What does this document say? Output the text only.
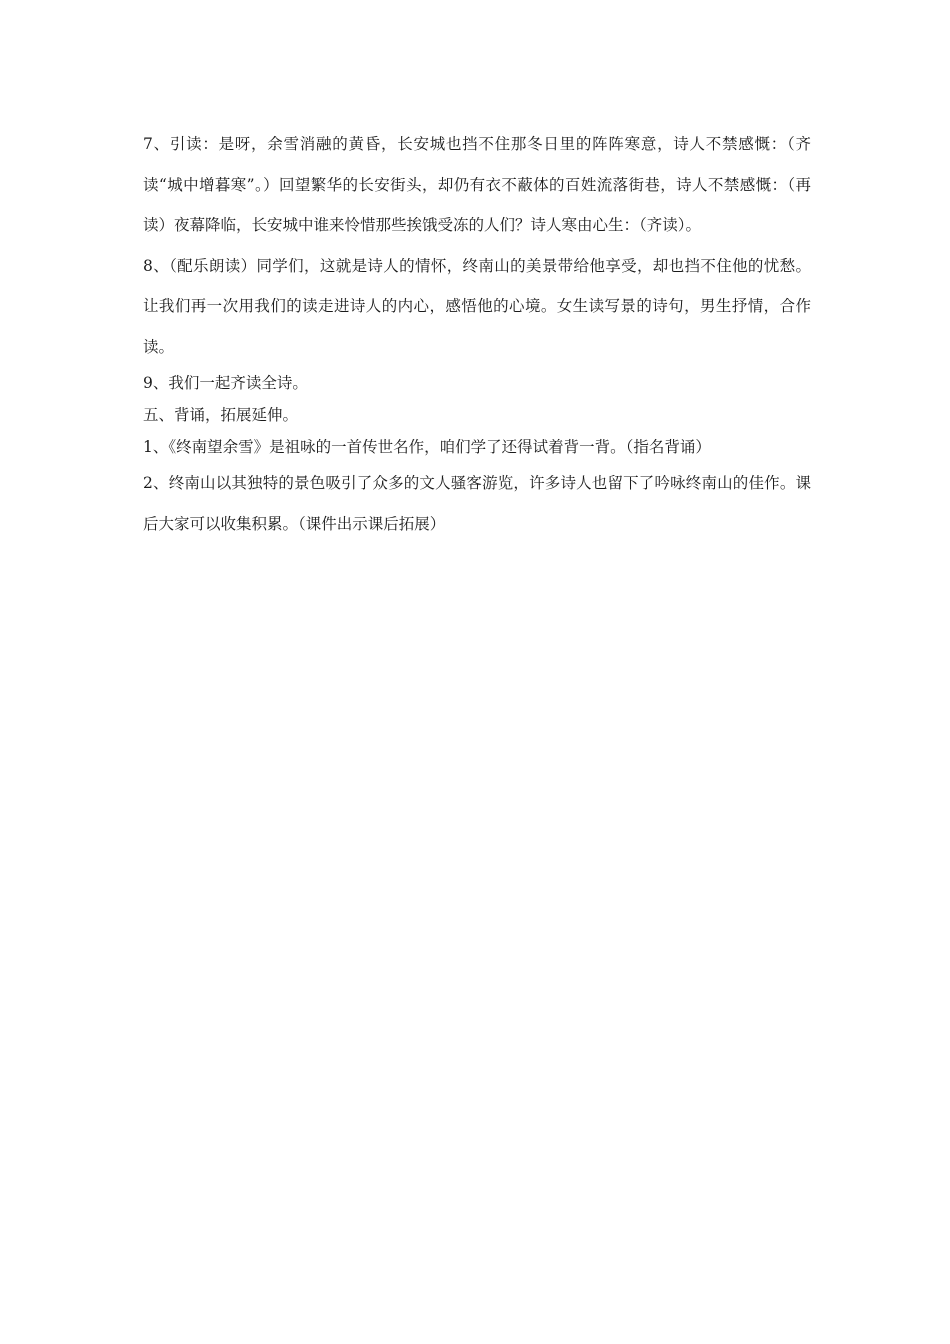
7、引读：是呀，余雪消融的黄昏，长安城也挡不住那冬日里的阵阵寒意，诗人不禁感慨：（齐读“城中增暮寒”。）回望繁华的长安街头，却仍有衣不蔽体的百姓流落街巷，诗人不禁感慨：（再读）夜幕降临，长安城中谁来怜惜那些挨饿受冻的人们？诗人寒由心生：（齐读）。

8、（配乐朗读）同学们，这就是诗人的情怀，终南山的美景带给他享受，却也挡不住他的忧愁。让我们再一次用我们的读走进诗人的内心，感悟他的心境。女生读写景的诗句，男生抒情，合作读。

9、我们一起齐读全诗。

五、背诵，拓展延伸。

1、《终南望余雪》是祖咏的一首传世名作，咱们学了还得试着背一背。（指名背诵）

2、终南山以其独特的景色吸引了众多的文人骚客游览，许多诗人也留下了吟咏终南山的佳作。课后大家可以收集积累。（课件出示课后拓展）
